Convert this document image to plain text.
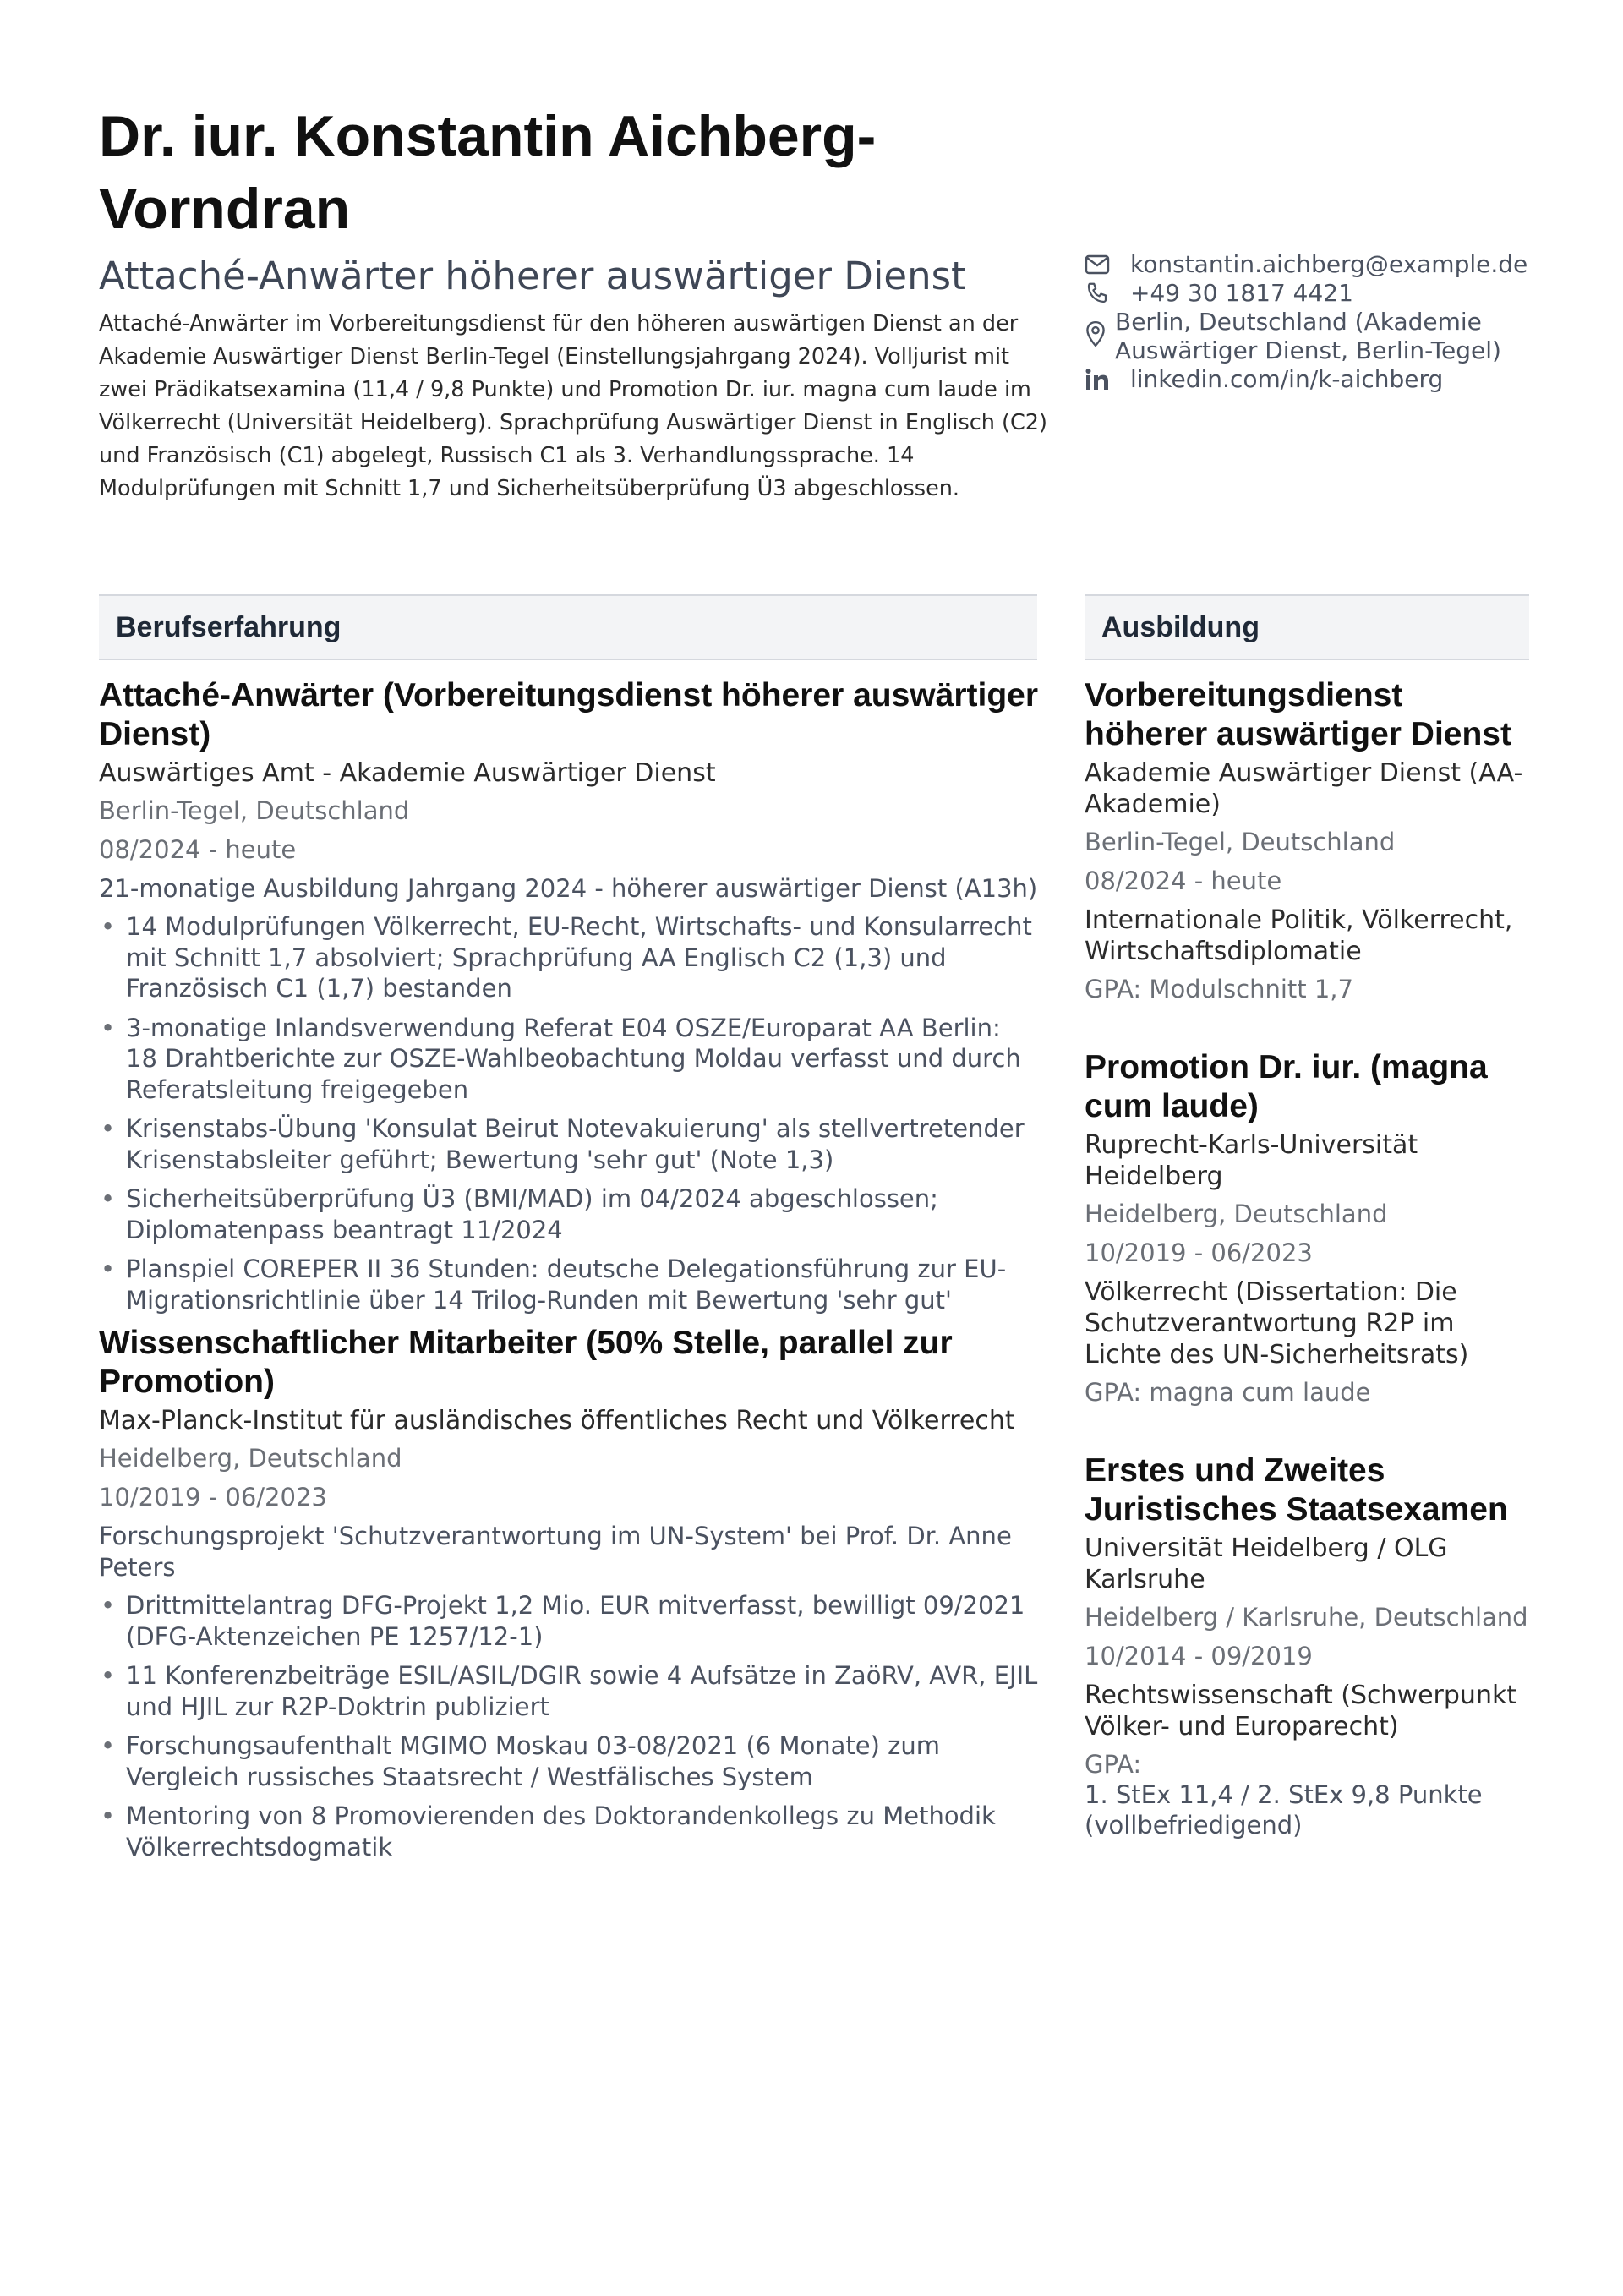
Dr. iur. Konstantin Aichberg-Vorndran
Attaché-Anwärter höherer auswärtiger Dienst

Attaché-Anwärter im Vorbereitungsdienst für den höheren auswärtigen Dienst an der Akademie Auswärtiger Dienst Berlin-Tegel (Einstellungsjahrgang 2024). Volljurist mit zwei Prädikatsexamina (11,4 / 9,8 Punkte) und Promotion Dr. iur. magna cum laude im Völkerrecht (Universität Heidelberg). Sprachprüfung Auswärtiger Dienst in Englisch (C2) und Französisch (C1) abgelegt, Russisch C1 als 3. Verhandlungssprache. 14 Modulprüfungen mit Schnitt 1,7 und Sicherheitsüberprüfung Ü3 abgeschlossen.

konstantin.aichberg@example.de
+49 30 1817 4421
Berlin, Deutschland (Akademie Auswärtiger Dienst, Berlin-Tegel)
linkedin.com/in/k-aichberg
Berufserfahrung	Ausbildung
Attaché-Anwärter (Vorbereitungsdienst höherer auswärtiger Dienst)
Auswärtiges Amt - Akademie Auswärtiger Dienst
Berlin-Tegel, Deutschland
08/2024 - heute
21-monatige Ausbildung Jahrgang 2024 - höherer auswärtiger Dienst (A13h)
• 14 Modulprüfungen Völkerrecht, EU-Recht, Wirtschafts- und Konsularrecht mit Schnitt 1,7 absolviert; Sprachprüfung AA Englisch C2 (1,3) und Französisch C1 (1,7) bestanden
• 3-monatige Inlandsverwendung Referat E04 OSZE/Europarat AA Berlin: 18 Drahtberichte zur OSZE-Wahlbeobachtung Moldau verfasst und durch Referatsleitung freigegeben
• Krisenstabs-Übung 'Konsulat Beirut Notevakuierung' als stellvertretender Krisenstabsleiter geführt; Bewertung 'sehr gut' (Note 1,3)
• Sicherheitsüberprüfung Ü3 (BMI/MAD) im 04/2024 abgeschlossen; Diplomatenpass beantragt 11/2024
• Planspiel COREPER II 36 Stunden: deutsche Delegationsführung zur EU-Migrationsrichtlinie über 14 Trilog-Runden mit Bewertung 'sehr gut'
Wissenschaftlicher Mitarbeiter (50% Stelle, parallel zur Promotion)
Max-Planck-Institut für ausländisches öffentliches Recht und Völkerrecht
Heidelberg, Deutschland
10/2019 - 06/2023
Forschungsprojekt 'Schutzverantwortung im UN-System' bei Prof. Dr. Anne Peters
• Drittmittelantrag DFG-Projekt 1,2 Mio. EUR mitverfasst, bewilligt 09/2021 (DFG-Aktenzeichen PE 1257/12-1)
• 11 Konferenzbeiträge ESIL/ASIL/DGIR sowie 4 Aufsätze in ZaöRV, AVR, EJIL und HJIL zur R2P-Doktrin publiziert
• Forschungsaufenthalt MGIMO Moskau 03-08/2021 (6 Monate) zum Vergleich russisches Staatsrecht / Westfälisches System
• Mentoring von 8 Promovierenden des Doktorandenkollegs zu Methodik Völkerrechtsdogmatik
Vorbereitungsdienst höherer auswärtiger Dienst
Akademie Auswärtiger Dienst (AA-Akademie)
Berlin-Tegel, Deutschland
08/2024 - heute
Internationale Politik, Völkerrecht, Wirtschaftsdiplomatie
GPA: Modulschnitt 1,7
Promotion Dr. iur. (magna cum laude)
Ruprecht-Karls-Universität Heidelberg
Heidelberg, Deutschland
10/2019 - 06/2023
Völkerrecht (Dissertation: Die Schutzverantwortung R2P im Lichte des UN-Sicherheitsrats)
GPA: magna cum laude
Erstes und Zweites Juristisches Staatsexamen
Universität Heidelberg / OLG Karlsruhe
Heidelberg / Karlsruhe, Deutschland
10/2014 - 09/2019
Rechtswissenschaft (Schwerpunkt Völker- und Europarecht)
GPA:
1. StEx 11,4 / 2. StEx 9,8 Punkte (vollbefriedigend)
